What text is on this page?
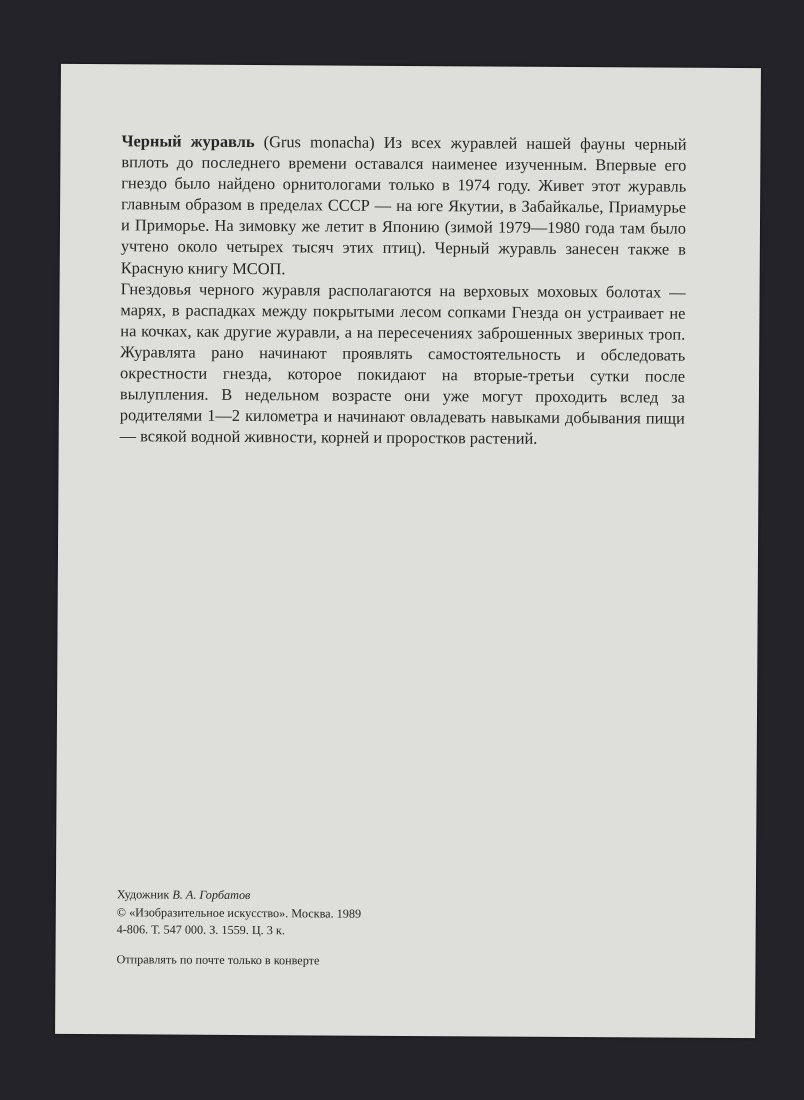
Черный журавль (Grus monacha) Из всех журавлей нашей фауны черный вплоть до последнего времени оставался наименее изученным. Впервые его гнездо было найдено орнитологами только в 1974 году. Живет этот журавль главным образом в пределах СССР — на юге Якутии, в Забайкалье, Приамурье и Приморье. На зимовку же летит в Японию (зимой 1979—1980 года там было учтено около четырех тысяч этих птиц). Черный журавль занесен также в Красную книгу МСОП.

Гнездовья черного журавля располагаются на верховых моховых болотах — марях, в распадках между покрытыми лесом сопками Гнезда он устраивает не на кочках, как другие журавли, а на пересечениях заброшенных звериных троп. Журавлята рано начинают проявлять самостоятельность и обследовать окрестности гнезда, которое покидают на вторые-третьи сутки после вылупления. В недельном возрасте они уже могут проходить вслед за родителями 1—2 километра и начинают овладевать навыками добывания пищи — всякой водной живности, корней и проростков растений.

Художник В. А. Горбатов
© «Изобразительное искусство». Москва. 1989
4-806. Т. 547 000. З. 1559. Ц. 3 к.
Отправлять по почте только в конверте
